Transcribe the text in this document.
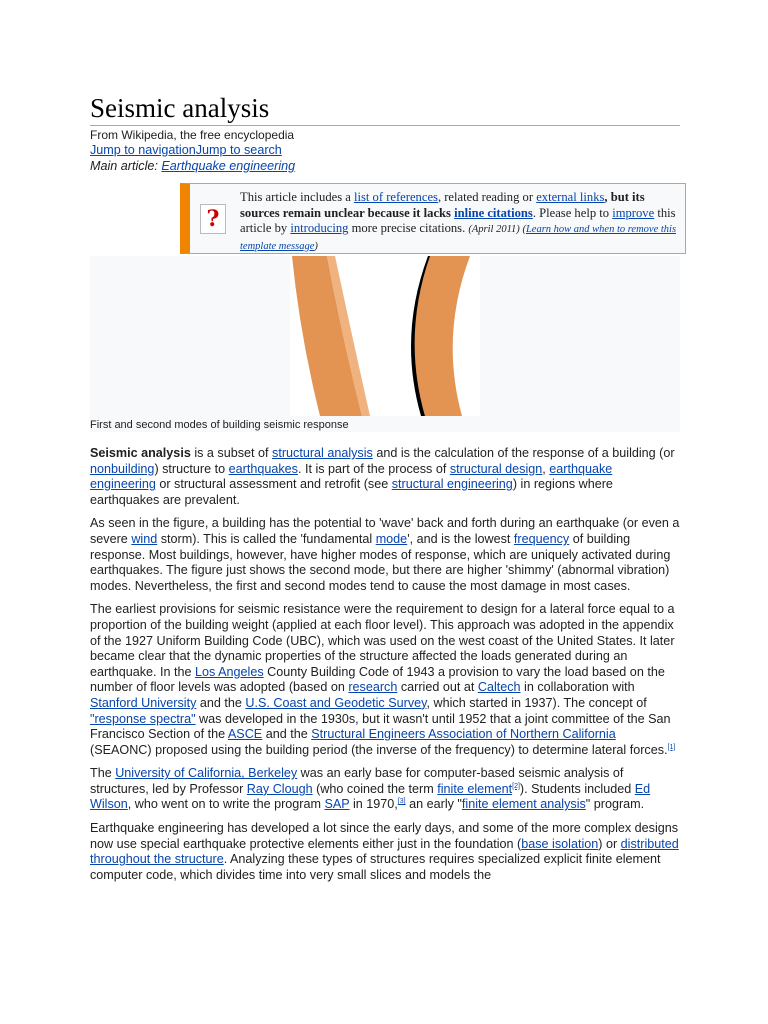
Seismic analysis
From Wikipedia, the free encyclopedia
Jump to navigationJump to search
Main article: Earthquake engineering
?
This article includes a list of references, related reading or external links, but its sources remain unclear because it lacks inline citations. Please help to improve this article by introducing more precise citations. (April 2011) (Learn how and when to remove this template message)
First and second modes of building seismic response

Seismic analysis is a subset of structural analysis and is the calculation of the response of a building (or nonbuilding) structure to earthquakes. It is part of the process of structural design, earthquake engineering or structural assessment and retrofit (see structural engineering) in regions where earthquakes are prevalent.

As seen in the figure, a building has the potential to 'wave' back and forth during an earthquake (or even a severe wind storm). This is called the 'fundamental mode', and is the lowest frequency of building response. Most buildings, however, have higher modes of response, which are uniquely activated during earthquakes. The figure just shows the second mode, but there are higher 'shimmy' (abnormal vibration) modes. Nevertheless, the first and second modes tend to cause the most damage in most cases.

The earliest provisions for seismic resistance were the requirement to design for a lateral force equal to a proportion of the building weight (applied at each floor level). This approach was adopted in the appendix of the 1927 Uniform Building Code (UBC), which was used on the west coast of the United States. It later became clear that the dynamic properties of the structure affected the loads generated during an earthquake. In the Los Angeles County Building Code of 1943 a provision to vary the load based on the number of floor levels was adopted (based on research carried out at Caltech in collaboration with Stanford University and the U.S. Coast and Geodetic Survey, which started in 1937). The concept of "response spectra" was developed in the 1930s, but it wasn't until 1952 that a joint committee of the San Francisco Section of the ASCE and the Structural Engineers Association of Northern California (SEAONC) proposed using the building period (the inverse of the frequency) to determine lateral forces.[1]

The University of California, Berkeley was an early base for computer-based seismic analysis of structures, led by Professor Ray Clough (who coined the term finite element[2]). Students included Ed Wilson, who went on to write the program SAP in 1970,[3] an early "finite element analysis" program.

Earthquake engineering has developed a lot since the early days, and some of the more complex designs now use special earthquake protective elements either just in the foundation (base isolation) or distributed throughout the structure. Analyzing these types of structures requires specialized explicit finite element computer code, which divides time into very small slices and models the
